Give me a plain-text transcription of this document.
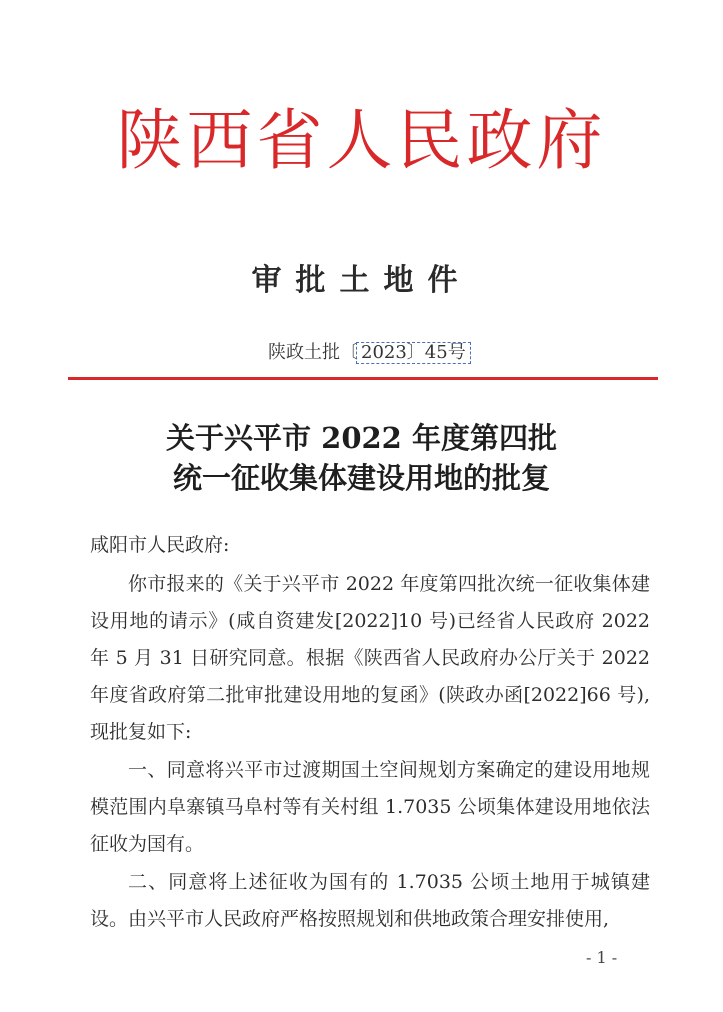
陕西省人民政府
审批土地件
陕政土批〔 2023〕45号
关于兴平市 2022 年度第四批
统一征收集体建设用地的批复
咸阳市人民政府:

你市报来的《关于兴平市 2022 年度第四批次统一征收集体建设用地的请示》(咸自资建发[2022]10 号)已经省人民政府 2022 年 5 月 31 日研究同意。根据《陕西省人民政府办公厅关于 2022 年度省政府第二批审批建设用地的复函》(陕政办函[2022]66 号),现批复如下:

一、同意将兴平市过渡期国土空间规划方案确定的建设用地规模范围内阜寨镇马阜村等有关村组 1.7035 公顷集体建设用地依法征收为国有。

二、同意将上述征收为国有的 1.7035 公顷土地用于城镇建设。由兴平市人民政府严格按照规划和供地政策合理安排使用,

- 1 -
